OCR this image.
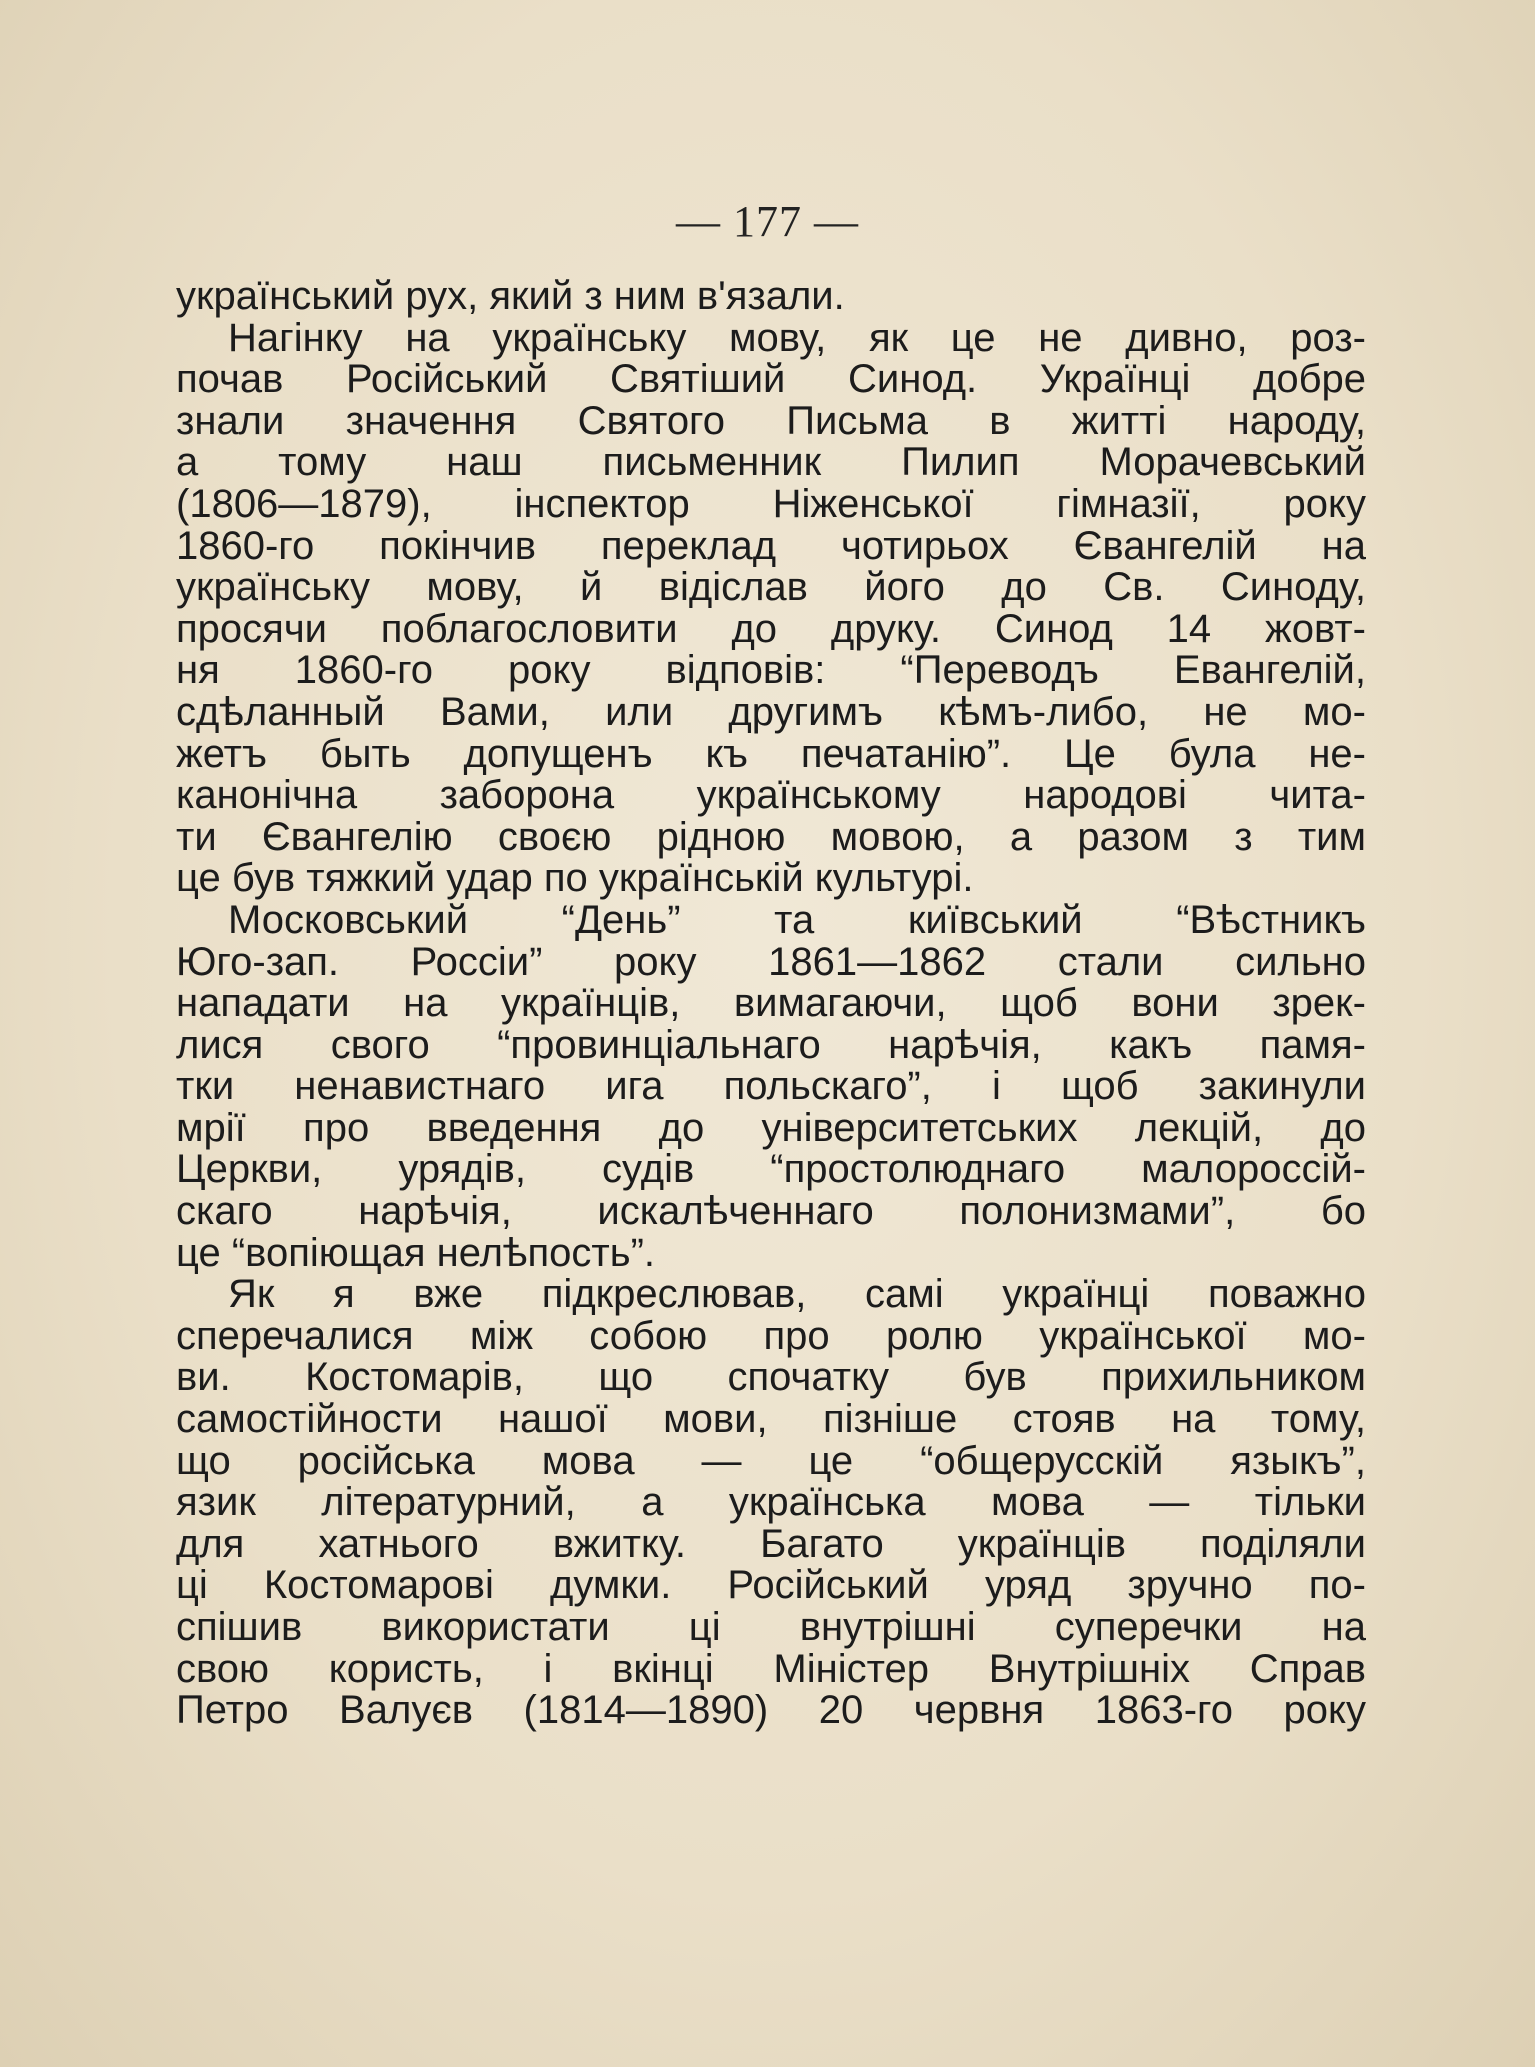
— 177 —
український рух, який з ним в'язали.
Нагінку на українську мову, як це не дивно, роз-
почав Російський Святіший Синод. Українці добре
знали значення Святого Письма в житті народу,
а тому наш письменник Пилип Морачевський
(1806—1879), інспектор Ніженської гімназії, року
1860-го покінчив переклад чотирьох Євангелій на
українську мову, й відіслав його до Св. Синоду,
просячи поблагословити до друку. Синод 14 жовт-
ня 1860-го року відповів: “Переводъ Евангелій,
сдѣланный Вами, или другимъ кѣмъ-либо, не мо-
жетъ быть допущенъ къ печатанію”. Це була не-
канонічна заборона українському народові чита-
ти Євангелію своєю рідною мовою, а разом з тим
це був тяжкий удар по українській культурі.
Московський “День” та київський “Вѣстникъ
Юго-зап. Россіи” року 1861—1862 стали сильно
нападати на українців, вимагаючи, щоб вони зрек-
лися свого “провинціальнаго нарѣчія, какъ памя-
тки ненавистнаго ига польскаго”, і щоб закинули
мрії про введення до університетських лекцій, до
Церкви, урядів, судів “простолюднаго малороссій-
скаго нарѣчія, искалѣченнаго полонизмами”, бо
це “вопіющая нелѣпость”.
Як я вже підкреслював, самі українці поважно
сперечалися між собою про ролю української мо-
ви. Костомарів, що спочатку був прихильником
самостійности нашої мови, пізніше стояв на тому,
що російська мова — це “общерусскій языкъ”,
язик літературний, а українська мова — тільки
для хатнього вжитку. Багато українців поділяли
ці Костомарові думки. Російський уряд зручно по-
спішив використати ці внутрішні суперечки на
свою користь, і вкінці Міністер Внутрішніх Справ
Петро Валуєв (1814—1890) 20 червня 1863-го року
